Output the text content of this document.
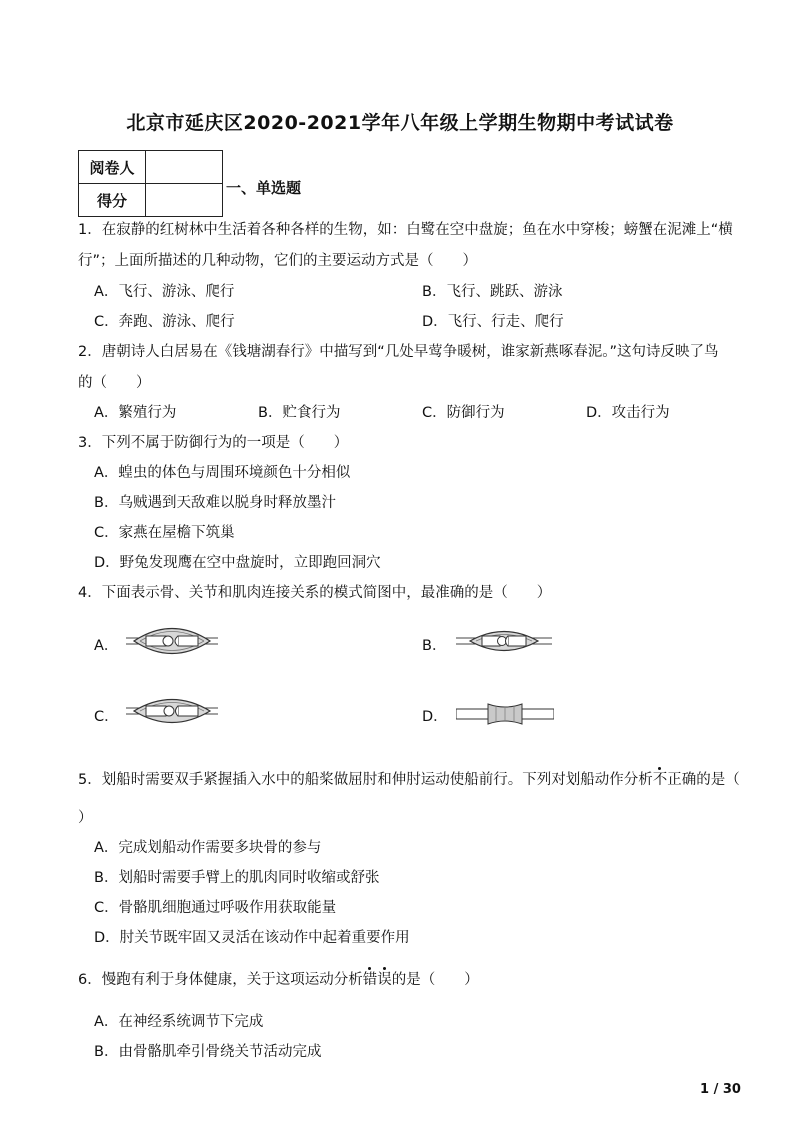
北京市延庆区2020-2021学年八年级上学期生物期中考试试卷
阅卷人	
得分	
一、单选题
1．在寂静的红树林中生活着各种各样的生物，如：白鹭在空中盘旋；鱼在水中穿梭；螃蟹在泥滩上“横
行”；上面所描述的几种动物，它们的主要运动方式是（　　）
A．飞行、游泳、爬行	B．飞行、跳跃、游泳
C．奔跑、游泳、爬行	D．飞行、行走、爬行
2．唐朝诗人白居易在《钱塘湖春行》中描写到“几处早莺争暖树，谁家新燕啄春泥。”这句诗反映了鸟
的（　　）
A．繁殖行为	B．贮食行为	C．防御行为	D．攻击行为
3．下列不属于防御行为的一项是（　　）
A．蝗虫的体色与周围环境颜色十分相似
B．乌贼遇到天敌难以脱身时释放墨汁
C．家燕在屋檐下筑巢
D．野兔发现鹰在空中盘旋时，立即跑回洞穴
4．下面表示骨、关节和肌肉连接关系的模式简图中，最准确的是（　　）
A．	B．
C．	D．
5．划船时需要双手紧握插入水中的船桨做屈肘和伸肘运动使船前行。下列对划船动作分析不正确的是（
）
A．完成划船动作需要多块骨的参与
B．划船时需要手臂上的肌肉同时收缩或舒张
C．骨骼肌细胞通过呼吸作用获取能量
D．肘关节既牢固又灵活在该动作中起着重要作用
6．慢跑有利于身体健康，关于这项运动分析错误的是（　　）
A．在神经系统调节下完成
B．由骨骼肌牵引骨绕关节活动完成
1 / 30
